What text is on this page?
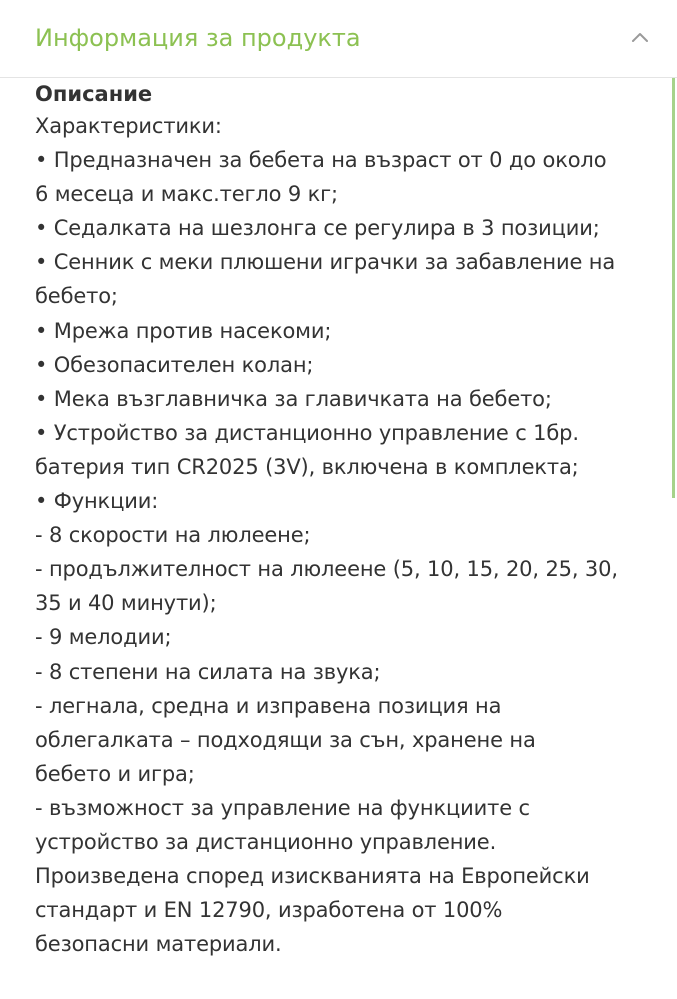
Информация за продукта
Описание
Характеристики:
• Предназначен за бебета на възраст от 0 до около
6 месеца и макс.тегло 9 кг;
• Седалката на шезлонга се регулира в 3 позиции;
• Сенник с меки плюшени играчки за забавление на
бебето;
• Мрежа против насекоми;
• Обезопасителен колан;
• Мека възглавничка за главичката на бебето;
• Устройство за дистанционно управление с 1бр.
батерия тип CR2025 (3V), включена в комплекта;
• Функции:
- 8 скорости на люлеене;
- продължителност на люлеене (5, 10, 15, 20, 25, 30,
35 и 40 минути);
- 9 мелодии;
- 8 степени на силата на звука;
- легнала, средна и изправена позиция на
облегалката – подходящи за сън, хранене на
бебето и игра;
- възможност за управление на функциите с
устройство за дистанционно управление.
Произведена според изискванията на Европейски
стандарт и EN 12790, изработена от 100%
безопасни материали.
